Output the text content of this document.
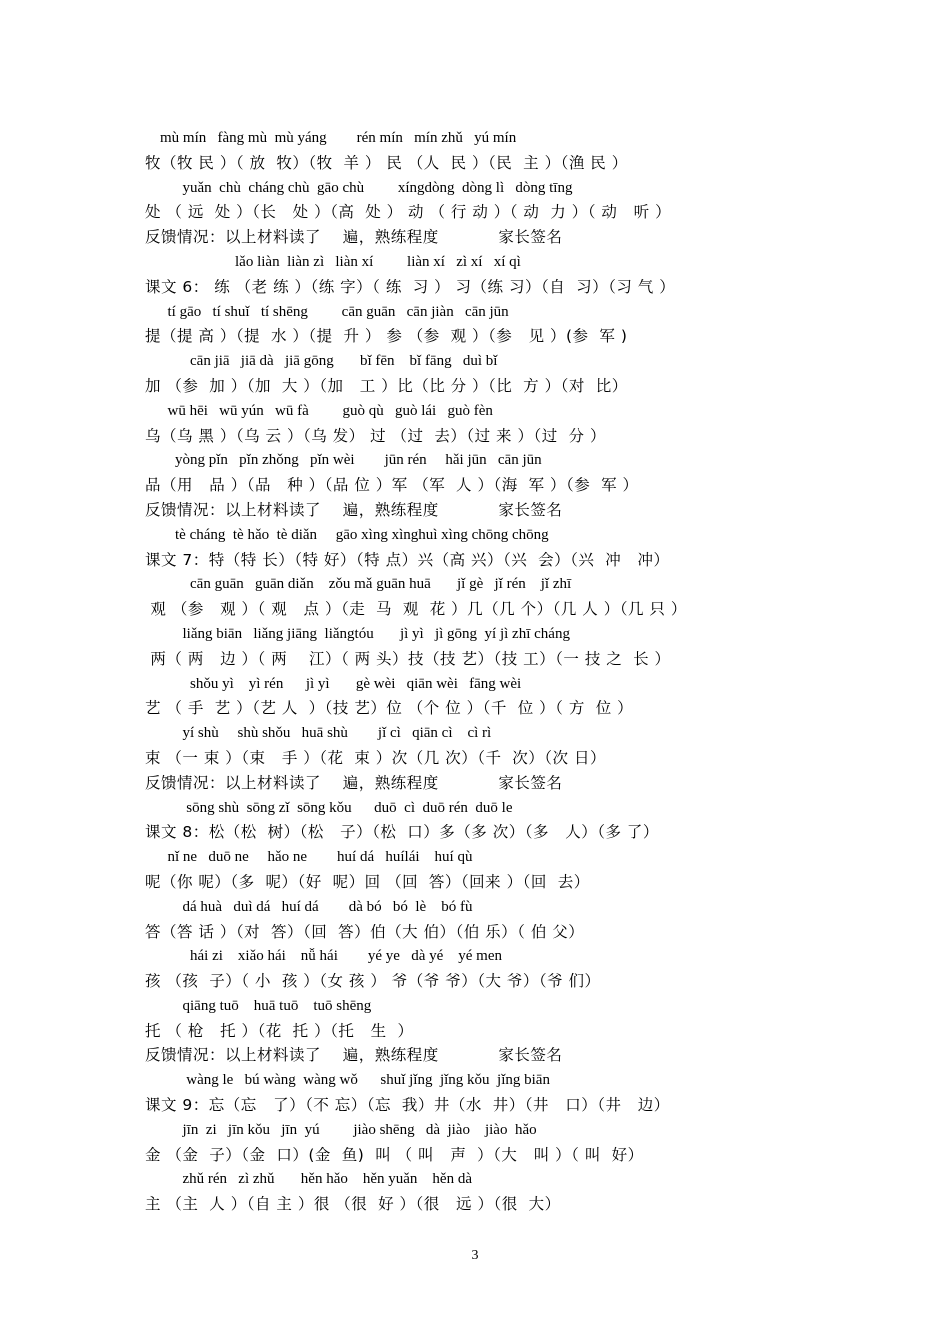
mù mín   fàng mù  mù yáng        rén mín   mín zhǔ   yú mín
牧（牧 民 ）（ 放  牧）（牧  羊 ） 民 （人  民 ）（民  主 ）（渔 民 ）
yuǎn  chù  cháng chù  gāo chù         xíngdòng  dòng lì   dòng tīng
处 （ 远  处 ）（长   处 ）（高  处 ） 动 （ 行 动 ）（ 动  力 ）（ 动   听 ）
反馈情况：以上材料读了    遍，熟练程度           家长签名
lǎo liàn  liàn zì   liàn xí         liàn xí   zì xí   xí qì
课文 6： 练 （老 练 ）（练 字）（ 练  习 ） 习（练 习）（自  习）（习 气 ）
tí gāo   tí shuǐ   tí shēng         cān guān   cān jiàn   cān jūn
提（提 高 ）（提  水 ）（提  升 ） 参 （参  观 ）（参   见 ）(参  军 )
cān jiā   jiā dà   jiā gōng       bǐ fēn    bǐ fāng   duì bǐ
加 （参  加 ）（加  大 ）（加   工 ）比（比 分 ）（比  方 ）（对  比）
wū hēi   wū yún   wū fà         guò qù   guò lái   guò fèn
乌（乌 黑 ）（乌 云 ）（乌 发） 过 （过  去）（过 来 ）（过  分 ）
yòng pǐn   pǐn zhǒng   pǐn wèi        jūn rén     hǎi jūn   cān jūn
品（用   品 ）（品   种 ）（品 位 ）军 （军  人 ）（海  军 ）（参  军 ）
反馈情况：以上材料读了    遍，熟练程度           家长签名
tè cháng  tè hǎo  tè diǎn     gāo xìng xìnghuì xìng chōng chōng
课文 7：特（特 长）（特 好）（特 点）兴（高 兴）（兴  会）（兴  冲   冲）
cān guān   guān diǎn    zǒu mǎ guān huā       jǐ gè   jǐ rén    jǐ zhī
观 （参   观 ）（ 观   点 ）（走  马  观  花 ）几（几 个）（几 人 ）（几 只 ）
liǎng biān   liǎng jiāng  liǎngtóu       jì yì   jì gōng  yí jì zhī cháng
两（ 两   边 ）（ 两    江）（ 两 头）技（技 艺）（技 工）（一 技 之  长 ）
shǒu yì    yì rén      jì yì       gè wèi   qiān wèi   fāng wèi
艺 （ 手  艺 ）（艺 人  ）（技 艺）位 （个 位 ）（千  位 ）（ 方  位 ）
yí shù     shù shǒu   huā shù        jǐ cì   qiān cì    cì rì
束 （一 束 ）（束   手 ）（花  束 ）次（几 次）（千  次）（次 日）
反馈情况：以上材料读了    遍，熟练程度           家长签名
sōng shù  sōng zǐ  sōng kǒu      duō  cì  duō rén  duō le
课文 8：松（松  树）（松   子）（松  口）多（多 次）（多   人）（多 了）
nǐ ne   duō ne     hǎo ne        huí dá   huílái    huí qù
呢（你 呢）（多  呢）（好  呢）回 （回  答）（回来 ）（回  去）
dá huà   duì dá   huí dá        dà bó   bó  lè    bó fù
答（答 话 ）（对  答）（回  答）伯（大 伯）（伯 乐）（ 伯 父）
hái zi    xiǎo hái    nǚ hái        yé ye   dà yé    yé men
孩 （孩  子）（ 小  孩 ）（女 孩 ） 爷（爷 爷）（大 爷）（爷 们）
qiāng tuō    huā tuō    tuō shēng
托 （ 枪   托 ）（花  托 ）（托   生  ）
反馈情况：以上材料读了    遍，熟练程度           家长签名
wàng le   bú wàng  wàng wǒ      shuǐ jǐng  jǐng kǒu  jǐng biān
课文 9：忘（忘   了）（不 忘）（忘  我）井（水  井）（井   口）（井   边）
jīn  zi   jīn kǒu   jīn  yú         jiào shēng   dà  jiào    jiào  hǎo
金 （金  子）（金  口）(金  鱼)  叫 （ 叫   声  ）（大   叫 ）（ 叫  好）
zhǔ rén   zì zhǔ       hěn hǎo    hěn yuǎn    hěn dà
主 （主  人 ）（自 主 ）很 （很  好 ）（很   远 ）（很  大）
3
